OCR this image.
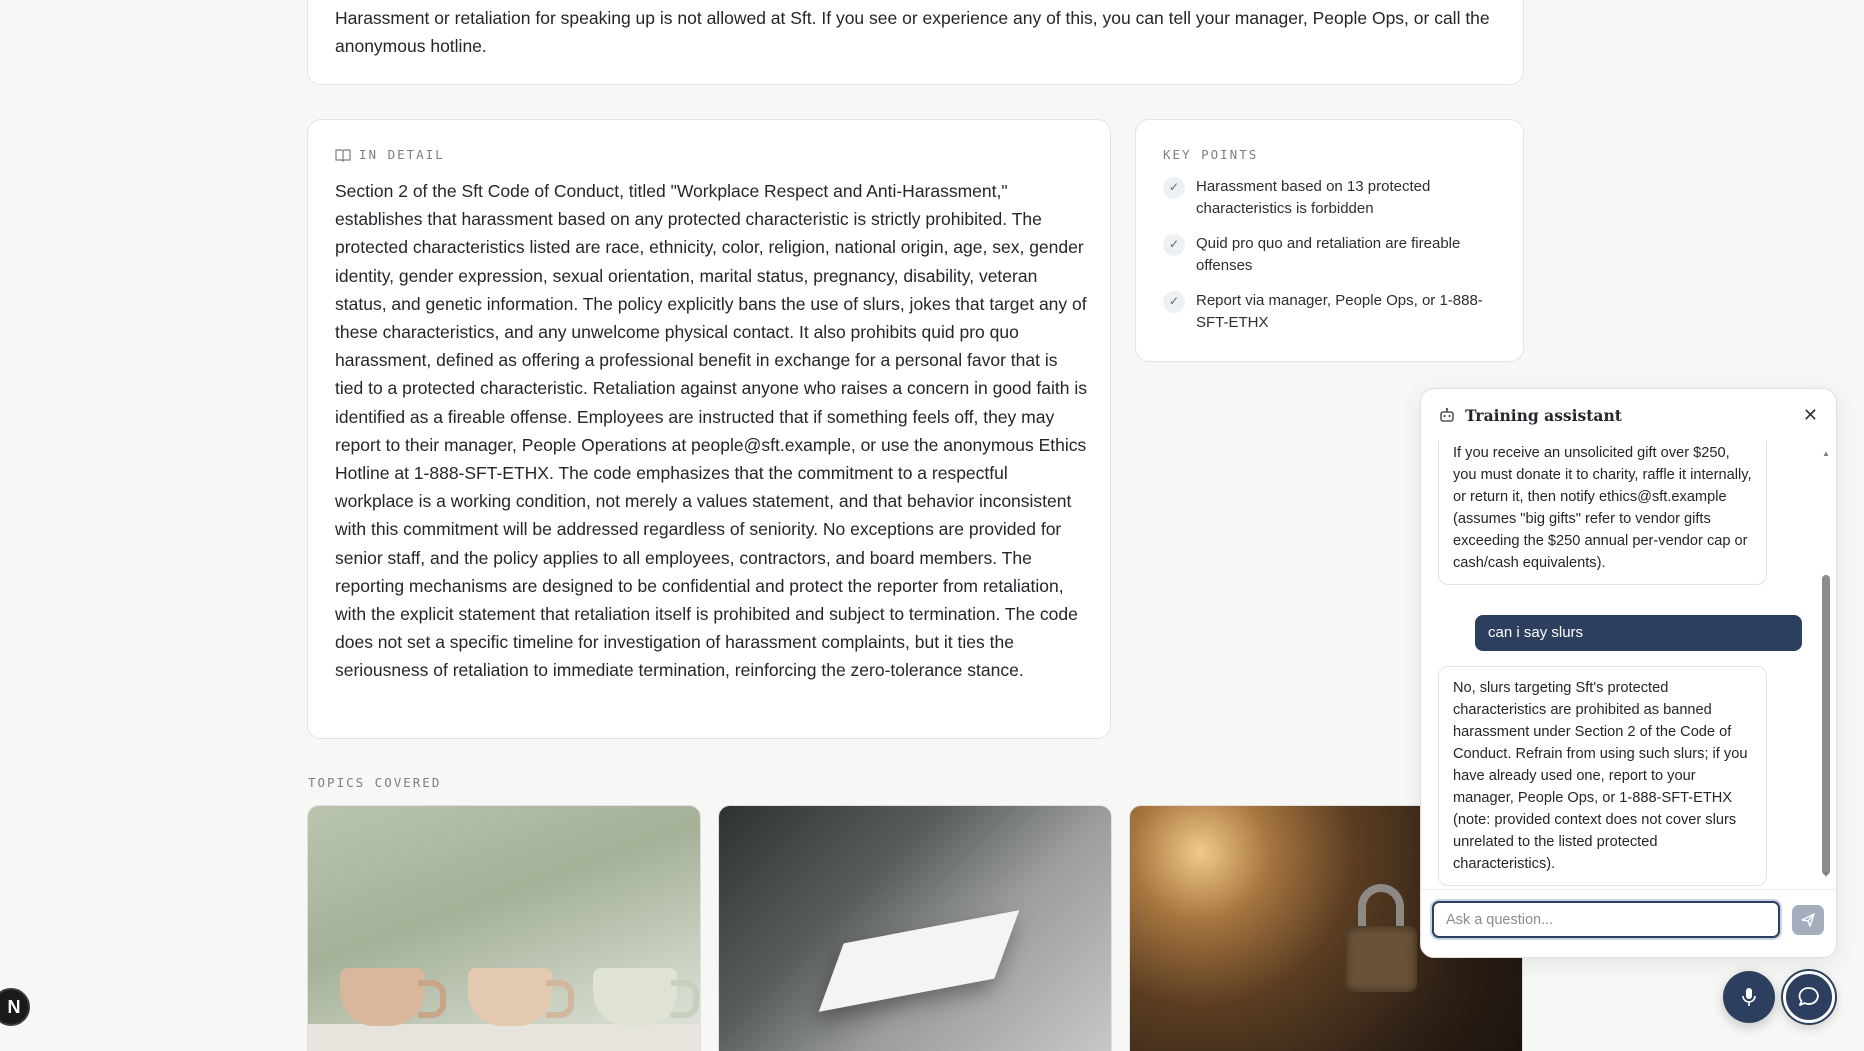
Harassment or retaliation for speaking up is not allowed at Sft. If you see or experience any of this, you can tell your manager, People Ops, or call the anonymous hotline.

IN DETAIL

Section 2 of the Sft Code of Conduct, titled "Workplace Respect and Anti-Harassment," establishes that harassment based on any protected characteristic is strictly prohibited. The protected characteristics listed are race, ethnicity, color, religion, national origin, age, sex, gender identity, gender expression, sexual orientation, marital status, pregnancy, disability, veteran status, and genetic information. The policy explicitly bans the use of slurs, jokes that target any of these characteristics, and any unwelcome physical contact. It also prohibits quid pro quo harassment, defined as offering a professional benefit in exchange for a personal favor that is tied to a protected characteristic. Retaliation against anyone who raises a concern in good faith is identified as a fireable offense. Employees are instructed that if something feels off, they may report to their manager, People Operations at people@sft.example, or use the anonymous Ethics Hotline at 1-888-SFT-ETHX. The code emphasizes that the commitment to a respectful workplace is a working condition, not merely a values statement, and that behavior inconsistent with this commitment will be addressed regardless of seniority. No exceptions are provided for senior staff, and the policy applies to all employees, contractors, and board members. The reporting mechanisms are designed to be confidential and protect the reporter from retaliation, with the explicit statement that retaliation itself is prohibited and subject to termination. The code does not set a specific timeline for investigation of harassment complaints, but it ties the seriousness of retaliation to immediate termination, reinforcing the zero-tolerance stance.

KEY POINTS
✓	Harassment based on 13 protected characteristics is forbidden
✓	Quid pro quo and retaliation are fireable offenses
✓	Report via manager, People Ops, or 1-888-SFT-ETHX
TOPICS COVERED
Training assistant	✕
If you receive an unsolicited gift over $250, you must donate it to charity, raffle it internally, or return it, then notify ethics@sft.example (assumes "big gifts" refer to vendor gifts exceeding the $250 annual per-vendor cap or cash/cash equivalents).
can i say slurs
No, slurs targeting Sft's protected characteristics are prohibited as banned harassment under Section 2 of the Code of Conduct. Refrain from using such slurs; if you have already used one, report to your manager, People Ops, or 1-888-SFT-ETHX (note: provided context does not cover slurs unrelated to the listed protected characteristics).
▲
▼
Ask a question...
N
